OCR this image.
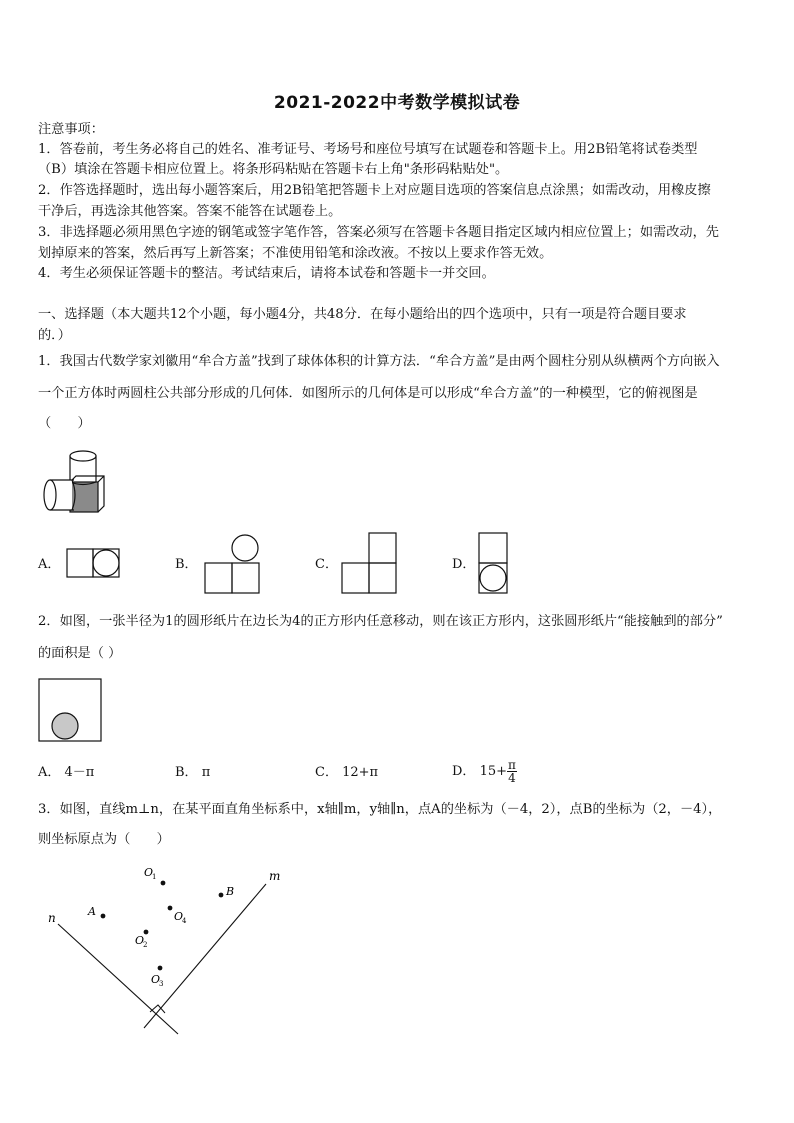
2021-2022中考数学模拟试卷
注意事项：
1．答卷前，考生务必将自己的姓名、准考证号、考场号和座位号填写在试题卷和答题卡上。用2B铅笔将试卷类型
（B）填涂在答题卡相应位置上。将条形码粘贴在答题卡右上角"条形码粘贴处"。
2．作答选择题时，选出每小题答案后，用2B铅笔把答题卡上对应题目选项的答案信息点涂黑；如需改动，用橡皮擦
干净后，再选涂其他答案。答案不能答在试题卷上。
3．非选择题必须用黑色字迹的钢笔或签字笔作答，答案必须写在答题卡各题目指定区域内相应位置上；如需改动，先
划掉原来的答案，然后再写上新答案；不准使用铅笔和涂改液。不按以上要求作答无效。
4．考生必须保证答题卡的整洁。考试结束后，请将本试卷和答题卡一并交回。
一、选择题（本大题共12个小题，每小题4分，共48分．在每小题给出的四个选项中，只有一项是符合题目要求
的．）
1．我国古代数学家刘徽用“牟合方盖”找到了球体体积的计算方法．“牟合方盖”是由两个圆柱分别从纵横两个方向嵌入
一个正方体时两圆柱公共部分形成的几何体．如图所示的几何体是可以形成“牟合方盖”的一种模型，它的俯视图是
（　　）
A．	B．	C．	D．
2．如图，一张半径为1的圆形纸片在边长为4的正方形内任意移动，则在该正方形内，这张圆形纸片“能接触到的部分”
的面积是（ ）
A． 4－π	B． π	C． 12+π	D． $15+ \frac{\pi}{4}$
3．如图，直线m⊥n，在某平面直角坐标系中，x轴∥m，y轴∥n，点A的坐标为（－4，2），点B的坐标为（2，－4），
则坐标原点为（　　）
n
m
A
B
O
1
O
4
O
2
O
3
